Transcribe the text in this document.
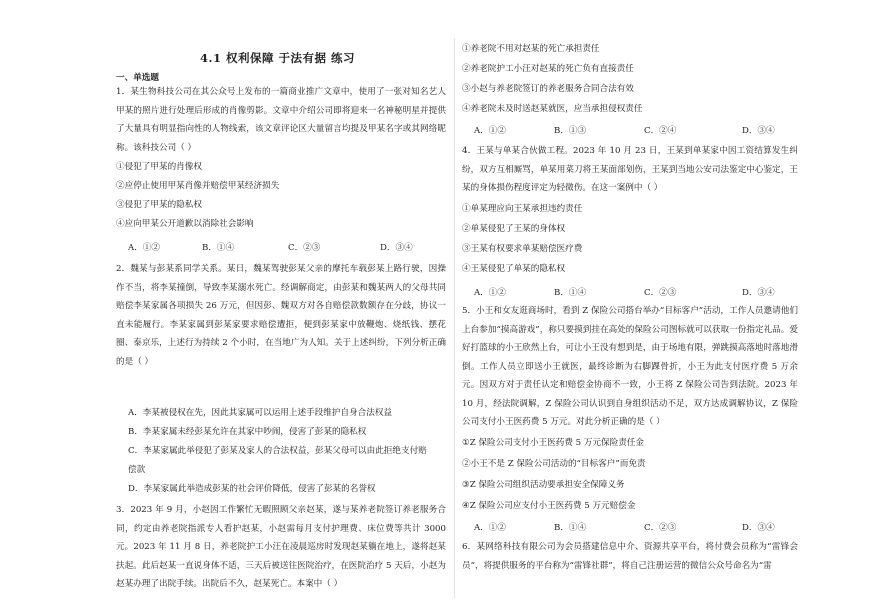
4.1 权利保障 于法有据 练习
一、单选题
1．某生物科技公司在其公众号上发布的一篇商业推广文章中，使用了一张对知名艺人甲某的照片进行处理后形成的肖像剪影。文章中介绍公司即将迎来一名神秘明星并提供了大量具有明显指向性的人物线索，该文章评论区大量留言均提及甲某名字或其网络昵称。该科技公司（ ）
①侵犯了甲某的肖像权
②应停止使用甲某肖像并赔偿甲某经济损失
③侵犯了甲某的隐私权
④应向甲某公开道歉以消除社会影响
A．①②	B．①④	C．②③	D．③④
2．魏某与彭某系同学关系。某日，魏某驾驶彭某父亲的摩托车载彭某上路行驶，因操作不当，将李某撞倒，导致李某溺水死亡。经调解商定，由彭某和魏某两人的父母共同赔偿李某家属各项损失 26 万元，但因彭、魏双方对各自赔偿款数额存在分歧，协议一直未能履行。李某家属到彭某家要求赔偿遭拒，便到彭某家中放鞭炮、烧纸钱、摆花圈、泰京乐，上述行为持续 2 个小时，在当地广为人知。关于上述纠纷，下列分析正确的是（ ）
A．李某被侵权在先，因此其家属可以运用上述手段维护自身合法权益
B．李某家属未经彭某允许在其家中吵闹，侵害了彭某的隐私权
C．李某家属此举侵犯了彭某及家人的合法权益，彭某父母可以由此拒绝支付赔
偿款
D．李某家属此举造成彭某的社会评价降低，侵害了彭某的名誉权
3．2023 年 9 月，小赵因工作繁忙无暇照顾父亲赵某，遂与某养老院签订养老服务合同，约定由养老院指派专人看护赵某，小赵需每月支付护理费、床位费等共计 3000 元。2023 年 11 月 8 日，养老院护工小汪在凌晨巡房时发现赵某躺在地上，遂将赵某扶起。此后赵某一直说身体不适，三天后被送往医院治疗，在医院治疗 5 天后，小赵为赵某办理了出院手续。出院后不久，赵某死亡。本案中（ ）
①养老院不用对赵某的死亡承担责任
②养老院护工小汪对赵某的死亡负有直接责任
③小赵与养老院签订的养老服务合同合法有效
④养老院未及时送赵某就医，应当承担侵权责任
A．①②	B．①③	C．②④	D．③④
4．王某与单某合伙做工程。2023 年 10 月 23 日，王某到单某家中因工资结算发生纠纷，双方互相厮骂，单某用菜刀将王某面部划伤，王某到当地公安司法鉴定中心鉴定，王某的身体损伤程度评定为轻微伤。在这一案例中（ ）
①单某理应向王某承担违约责任
②单某侵犯了王某的身体权
③王某有权要求单某赔偿医疗费
④王某侵犯了单某的隐私权
A．①②	B．①④	C．②③	D．③④
5．小王和女友逛商场时，看到 Z 保险公司搭台举办“目标客户”活动，工作人员邀请他们上台参加“摸高游戏”，称只要摸到挂在高处的保险公司图标就可以获取一份指定礼品。爱好打篮球的小王欣然上台，可让小王没有想到是，由于场地有限，弹跳摸高落地时落地滑倒。工作人员立即送小王就医，最终诊断为右脚踝骨折，小王为此支付医疗费 5 万余元。因双方对于责任认定和赔偿金协商不一致，小王将 Z 保险公司告到法院。2023 年 10 月，经法院调解，Z 保险公司认识到自身组织活动不足，双方达成调解协议，Z 保险公司支付小王医药费 5 万元。对此分析正确的是（ ）
①Z 保险公司支付小王医药费 5 万元保险责任金
②小王不是 Z 保险公司活动的“目标客户”而免责
③Z 保险公司组织活动要承担安全保障义务
④Z 保险公司应支付小王医药费 5 万元赔偿金
A．①②	B．①④	C．②③	D．③④
6．某网络科技有限公司为会员搭建信息中介、资源共享平台，将付费会员称为“雷锋会员”，将提供服务的平台称为“雷锋社群”，将自己注册运营的微信公众号命名为“雷
